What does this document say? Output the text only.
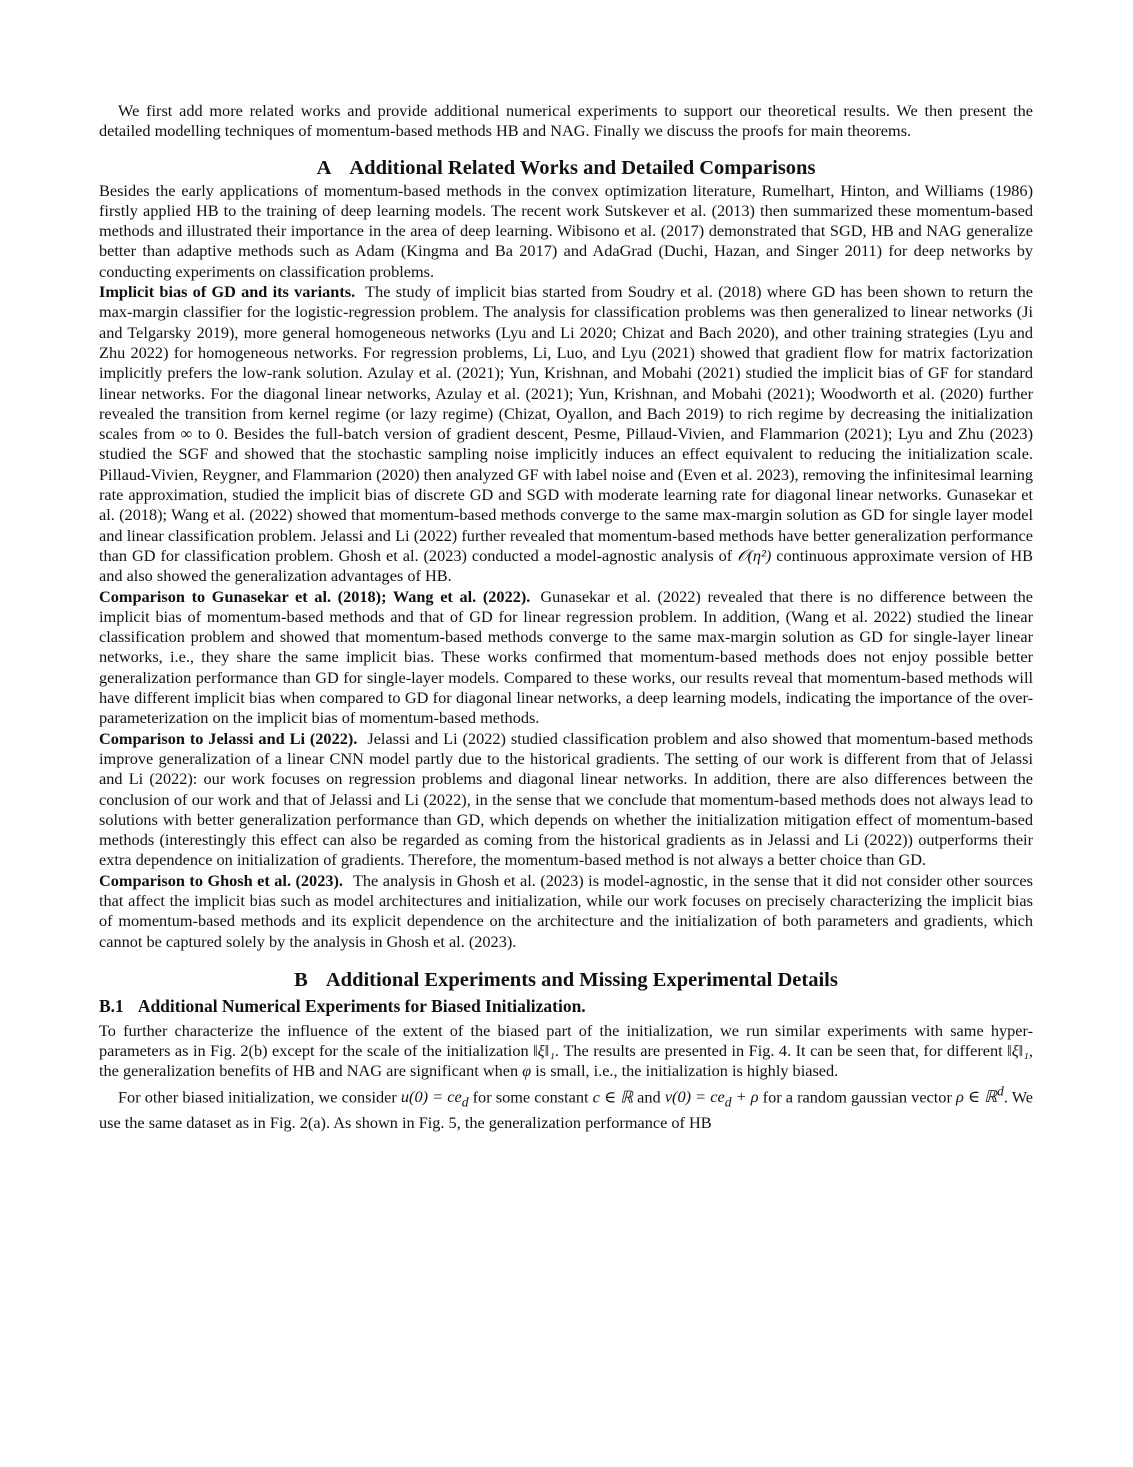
We first add more related works and provide additional numerical experiments to support our theoretical results. We then present the detailed modelling techniques of momentum-based methods HB and NAG. Finally we discuss the proofs for main theorems.

A Additional Related Works and Detailed Comparisons

Besides the early applications of momentum-based methods in the convex optimization literature, Rumelhart, Hinton, and Williams (1986) firstly applied HB to the training of deep learning models. The recent work Sutskever et al. (2013) then summarized these momentum-based methods and illustrated their importance in the area of deep learning. Wibisono et al. (2017) demonstrated that SGD, HB and NAG generalize better than adaptive methods such as Adam (Kingma and Ba 2017) and AdaGrad (Duchi, Hazan, and Singer 2011) for deep networks by conducting experiments on classification problems.

Implicit bias of GD and its variants. The study of implicit bias started from Soudry et al. (2018) where GD has been shown to return the max-margin classifier for the logistic-regression problem. The analysis for classification problems was then generalized to linear networks (Ji and Telgarsky 2019), more general homogeneous networks (Lyu and Li 2020; Chizat and Bach 2020), and other training strategies (Lyu and Zhu 2022) for homogeneous networks. For regression problems, Li, Luo, and Lyu (2021) showed that gradient flow for matrix factorization implicitly prefers the low-rank solution. Azulay et al. (2021); Yun, Krishnan, and Mobahi (2021) studied the implicit bias of GF for standard linear networks. For the diagonal linear networks, Azulay et al. (2021); Yun, Krishnan, and Mobahi (2021); Woodworth et al. (2020) further revealed the transition from kernel regime (or lazy regime) (Chizat, Oyallon, and Bach 2019) to rich regime by decreasing the initialization scales from ∞ to 0. Besides the full-batch version of gradient descent, Pesme, Pillaud-Vivien, and Flammarion (2021); Lyu and Zhu (2023) studied the SGF and showed that the stochastic sampling noise implicitly induces an effect equivalent to reducing the initialization scale. Pillaud-Vivien, Reygner, and Flammarion (2020) then analyzed GF with label noise and (Even et al. 2023), removing the infinitesimal learning rate approximation, studied the implicit bias of discrete GD and SGD with moderate learning rate for diagonal linear networks. Gunasekar et al. (2018); Wang et al. (2022) showed that momentum-based methods converge to the same max-margin solution as GD for single layer model and linear classification problem. Jelassi and Li (2022) further revealed that momentum-based methods have better generalization performance than GD for classification problem. Ghosh et al. (2023) conducted a model-agnostic analysis of 𝒪(η²) continuous approximate version of HB and also showed the generalization advantages of HB.

Comparison to Gunasekar et al. (2018); Wang et al. (2022). Gunasekar et al. (2022) revealed that there is no difference between the implicit bias of momentum-based methods and that of GD for linear regression problem. In addition, (Wang et al. 2022) studied the linear classification problem and showed that momentum-based methods converge to the same max-margin solution as GD for single-layer linear networks, i.e., they share the same implicit bias. These works confirmed that momentum-based methods does not enjoy possible better generalization performance than GD for single-layer models. Compared to these works, our results reveal that momentum-based methods will have different implicit bias when compared to GD for diagonal linear networks, a deep learning models, indicating the importance of the over-parameterization on the implicit bias of momentum-based methods.

Comparison to Jelassi and Li (2022). Jelassi and Li (2022) studied classification problem and also showed that momentum-based methods improve generalization of a linear CNN model partly due to the historical gradients. The setting of our work is different from that of Jelassi and Li (2022): our work focuses on regression problems and diagonal linear networks. In addition, there are also differences between the conclusion of our work and that of Jelassi and Li (2022), in the sense that we conclude that momentum-based methods does not always lead to solutions with better generalization performance than GD, which depends on whether the initialization mitigation effect of momentum-based methods (interestingly this effect can also be regarded as coming from the historical gradients as in Jelassi and Li (2022)) outperforms their extra dependence on initialization of gradients. Therefore, the momentum-based method is not always a better choice than GD.

Comparison to Ghosh et al. (2023). The analysis in Ghosh et al. (2023) is model-agnostic, in the sense that it did not consider other sources that affect the implicit bias such as model architectures and initialization, while our work focuses on precisely characterizing the implicit bias of momentum-based methods and its explicit dependence on the architecture and the initialization of both parameters and gradients, which cannot be captured solely by the analysis in Ghosh et al. (2023).

B Additional Experiments and Missing Experimental Details
B.1 Additional Numerical Experiments for Biased Initialization.

To further characterize the influence of the extent of the biased part of the initialization, we run similar experiments with same hyper-parameters as in Fig. 2(b) except for the scale of the initialization ‖ξ‖₁. The results are presented in Fig. 4. It can be seen that, for different ‖ξ‖₁, the generalization benefits of HB and NAG are significant when φ is small, i.e., the initialization is highly biased.

For other biased initialization, we consider $u(0) = ce_d$ for some constant c ∈ ℝ and $v(0) = ce_d + \rho$ for a random gaussian vector ρ ∈ ℝ$^d$. We use the same dataset as in Fig. 2(a). As shown in Fig. 5, the generalization performance of HB
